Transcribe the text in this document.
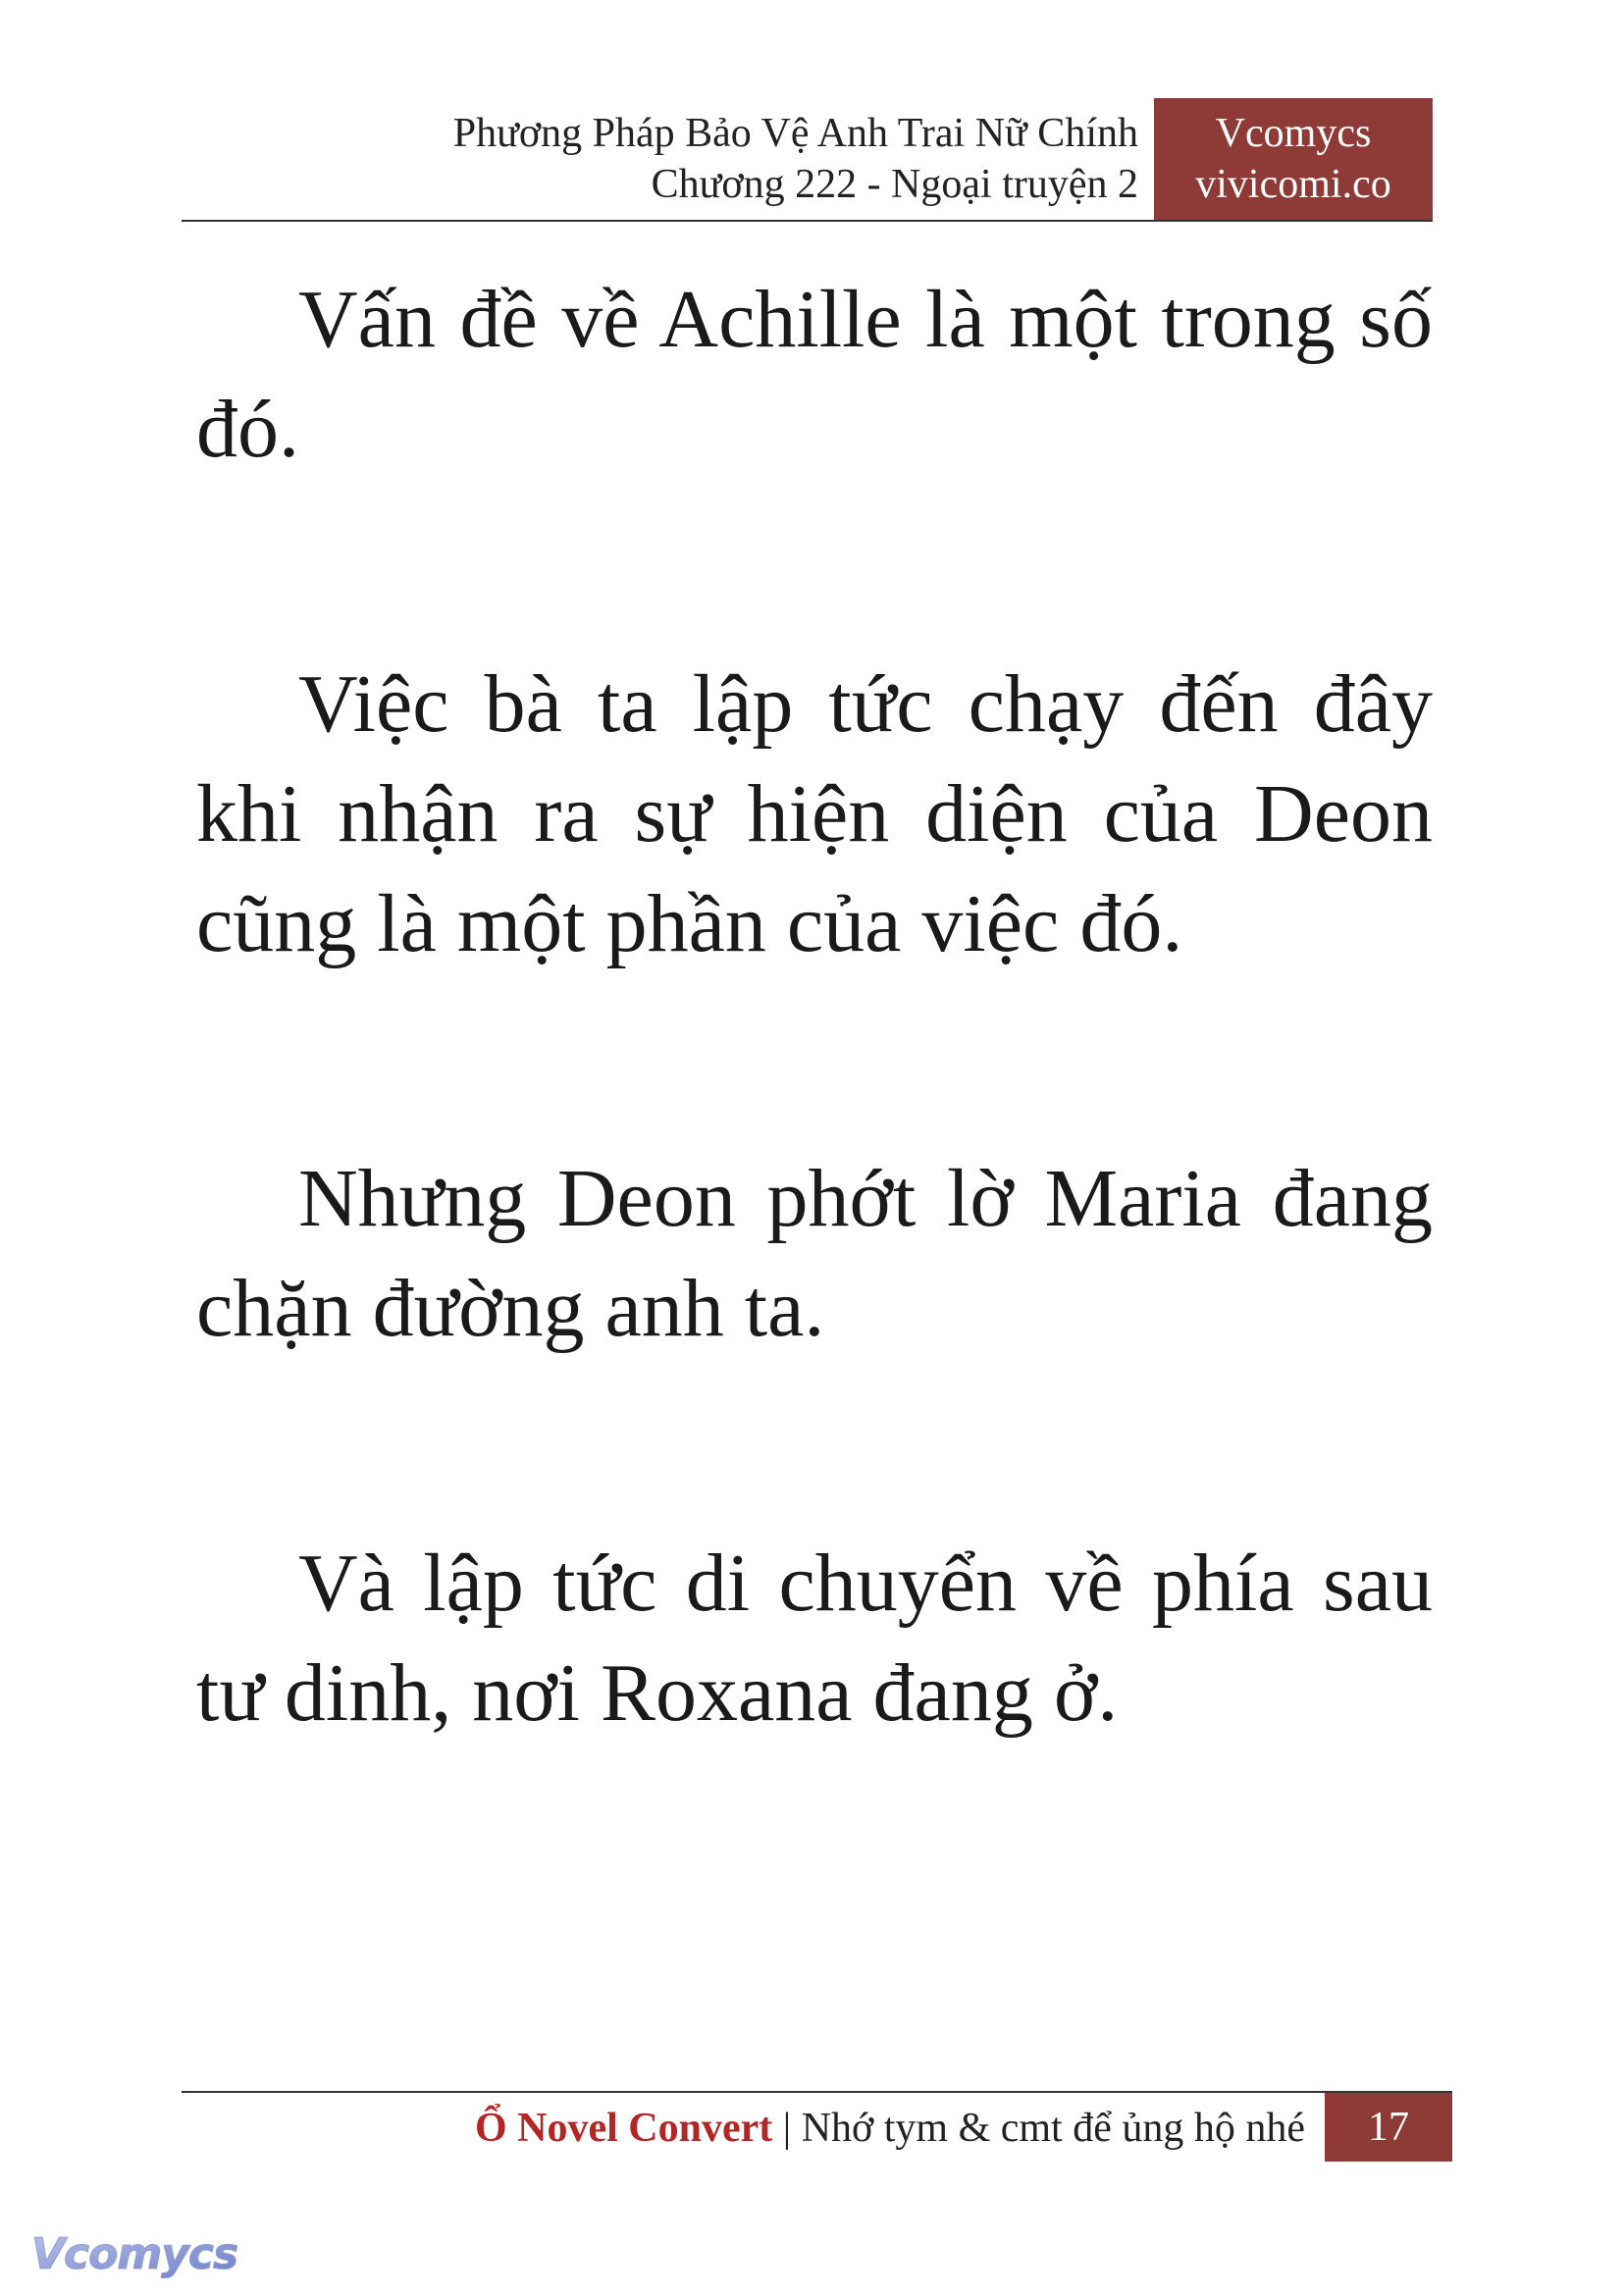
Phương Pháp Bảo Vệ Anh Trai Nữ Chính
Chương 222 - Ngoại truyện 2
Vcomycs
vivicomi.co

Vấn đề về Achille là một trong số đó.

Việc bà ta lập tức chạy đến đây khi nhận ra sự hiện diện của Deon cũng là một phần của việc đó.

Nhưng Deon phớt lờ Maria đang chặn đường anh ta.

Và lập tức di chuyển về phía sau tư dinh, nơi Roxana đang ở.

Ổ Novel Convert | Nhớ tym & cmt để ủng hộ nhé	17
Vcomycs
